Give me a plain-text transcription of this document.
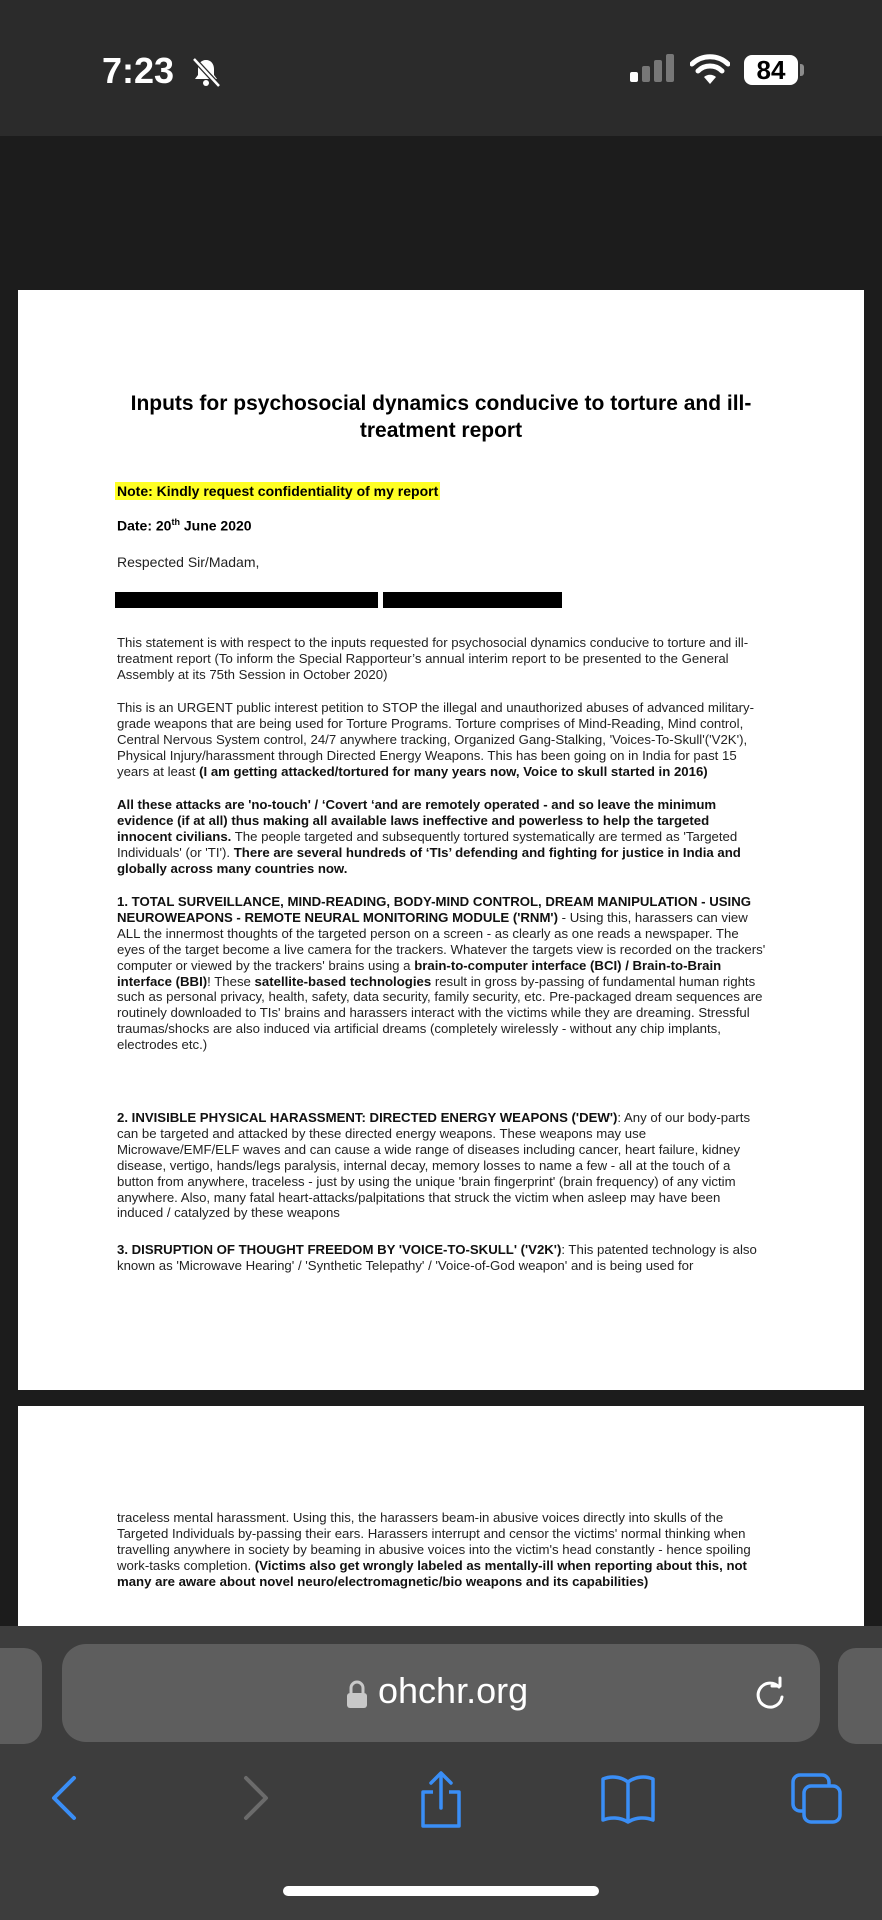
7:23	84
Inputs for psychosocial dynamics conducive to torture and ill-treatment report
Note: Kindly request confidentiality of my report
Date: 20th June 2020
Respected Sir/Madam,

This statement is with respect to the inputs requested for psychosocial dynamics conducive to torture and ill-treatment report (To inform the Special Rapporteur’s annual interim report to be presented to the General Assembly at its 75th Session in October 2020)

This is an URGENT public interest petition to STOP the illegal and unauthorized abuses of advanced military-grade weapons that are being used for Torture Programs. Torture comprises of Mind-Reading, Mind control, Central Nervous System control, 24/7 anywhere tracking, Organized Gang-Stalking, 'Voices-To-Skull'('V2K'), Physical Injury/harassment through Directed Energy Weapons. This has been going on in India for past 15 years at least (I am getting attacked/tortured for many years now, Voice to skull started in 2016)

All these attacks are 'no-touch' / ‘Covert ‘and are remotely operated - and so leave the minimum evidence (if at all) thus making all available laws ineffective and powerless to help the targeted innocent civilians. The people targeted and subsequently tortured systematically are termed as 'Targeted Individuals' (or 'TI'). There are several hundreds of ‘TIs’ defending and fighting for justice in India and globally across many countries now.

1. TOTAL SURVEILLANCE, MIND-READING, BODY-MIND CONTROL, DREAM MANIPULATION - USING NEUROWEAPONS - REMOTE NEURAL MONITORING MODULE ('RNM') - Using this, harassers can view ALL the innermost thoughts of the targeted person on a screen - as clearly as one reads a newspaper. The eyes of the target become a live camera for the trackers. Whatever the targets view is recorded on the trackers' computer or viewed by the trackers' brains using a brain-to-computer interface (BCI) / Brain-to-Brain interface (BBI)! These satellite-based technologies result in gross by-passing of fundamental human rights such as personal privacy, health, safety, data security, family security, etc. Pre-packaged dream sequences are routinely downloaded to TIs' brains and harassers interact with the victims while they are dreaming. Stressful traumas/shocks are also induced via artificial dreams (completely wirelessly - without any chip implants, electrodes etc.)

2. INVISIBLE PHYSICAL HARASSMENT: DIRECTED ENERGY WEAPONS ('DEW'): Any of our body-parts can be targeted and attacked by these directed energy weapons. These weapons may use Microwave/EMF/ELF waves and can cause a wide range of diseases including cancer, heart failure, kidney disease, vertigo, hands/legs paralysis, internal decay, memory losses to name a few - all at the touch of a button from anywhere, traceless - just by using the unique 'brain fingerprint' (brain frequency) of any victim anywhere. Also, many fatal heart-attacks/palpitations that struck the victim when asleep may have been induced / catalyzed by these weapons

3. DISRUPTION OF THOUGHT FREEDOM BY 'VOICE-TO-SKULL' ('V2K'): This patented technology is also known as 'Microwave Hearing' / 'Synthetic Telepathy' / 'Voice-of-God weapon' and is being used for

traceless mental harassment. Using this, the harassers beam-in abusive voices directly into skulls of the Targeted Individuals by-passing their ears. Harassers interrupt and censor the victims' normal thinking when travelling anywhere in society by beaming in abusive voices into the victim's head constantly - hence spoiling work-tasks completion. (Victims also get wrongly labeled as mentally-ill when reporting about this, not many are aware about novel neuro/electromagnetic/bio weapons and its capabilities)

ohchr.org
